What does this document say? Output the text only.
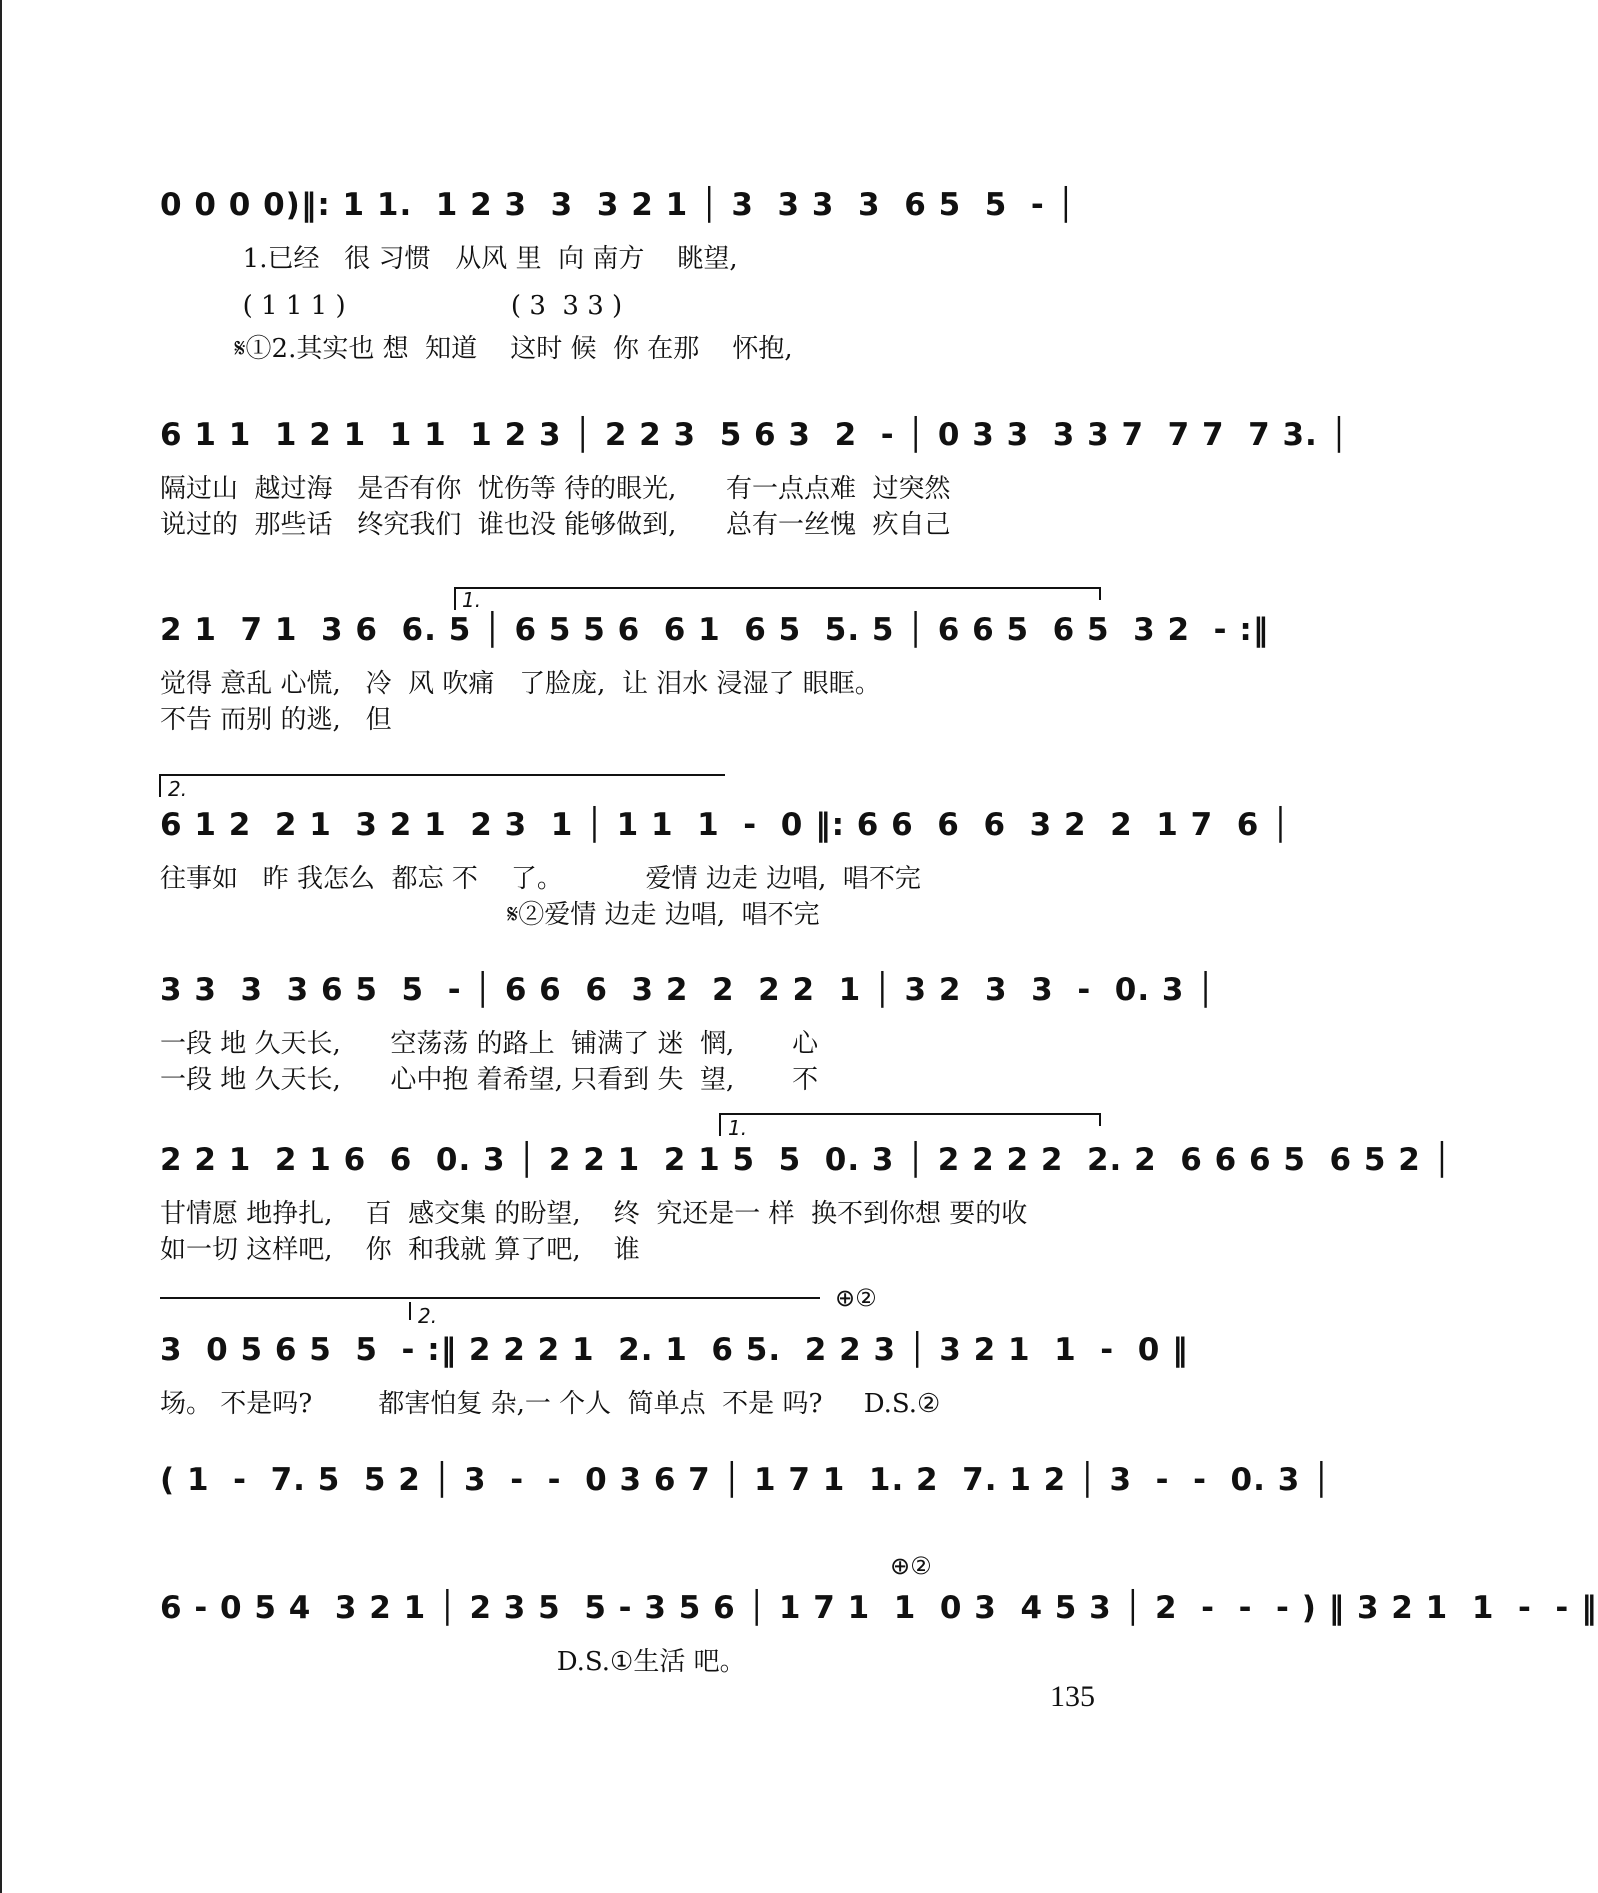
0 0 0 0)‖: 1 1.  1 2 3  3  3 2 1 │ 3  3 3  3  6 5  5  - │
1.已经   很 习惯   从风 里  向 南方    眺望,
( 1 1 1 )                    ( 3  3 3 )
𝄋①2.其实也 想  知道    这时 候  你 在那    怀抱,
6 1 1  1 2 1  1 1  1 2 3 │ 2 2 3  5 6 3  2  - │ 0 3 3  3 3 7  7 7  7 3. │
隔过山  越过海   是否有你  忧伤等 待的眼光,      有一点点难  过突然
说过的  那些话   终究我们  谁也没 能够做到,      总有一丝愧  疚自己
1.
2 1  7 1  3 6  6. 5 │ 6 5 5 6  6 1  6 5  5. 5 │ 6 6 5  6 5  3 2  - :‖
觉得 意乱 心慌,   冷  风 吹痛   了脸庞,  让 泪水 浸湿了 眼眶。
不告 而别 的逃,   但
2.
6 1 2  2 1  3 2 1  2 3  1 │ 1 1  1  -  0 ‖: 6 6  6  6  3 2  2  1 7  6 │
往事如   昨 我怎么  都忘 不    了。          爱情 边走 边唱,  唱不完
𝄋②爱情 边走 边唱,  唱不完
3 3  3  3 6 5  5  - │ 6 6  6  3 2  2  2 2  1 │ 3 2  3  3  -  0. 3 │
一段 地 久天长,      空荡荡 的路上  铺满了 迷  惘,       心
一段 地 久天长,      心中抱 着希望, 只看到 失  望,       不
1.
2 2 1  2 1 6  6  0. 3 │ 2 2 1  2 1 5  5  0. 3 │ 2 2 2 2  2. 2  6 6 6 5  6 5 2 │
甘情愿 地挣扎,    百  感交集 的盼望,    终  究还是一 样  换不到你想 要的收
如一切 这样吧,    你  和我就 算了吧,    谁
2.
⊕②
3  0 5 6 5  5  - :‖ 2 2 2 1  2. 1  6 5.  2 2 3 │ 3 2 1  1  -  0 ‖
场。 不是吗?        都害怕复 杂,一 个人  简单点  不是 吗?     D.S.②
( 1  -  7. 5  5 2 │ 3  -  -  0 3 6 7 │ 1 7 1  1. 2  7. 1 2 │ 3  -  -  0. 3 │
⊕②
6 - 0 5 4  3 2 1 │ 2 3 5  5 - 3 5 6 │ 1 7 1  1  0 3  4 5 3 │ 2  -  -  - ) ‖ 3 2 1  1  -  - ‖
D.S.①生活 吧。
135
